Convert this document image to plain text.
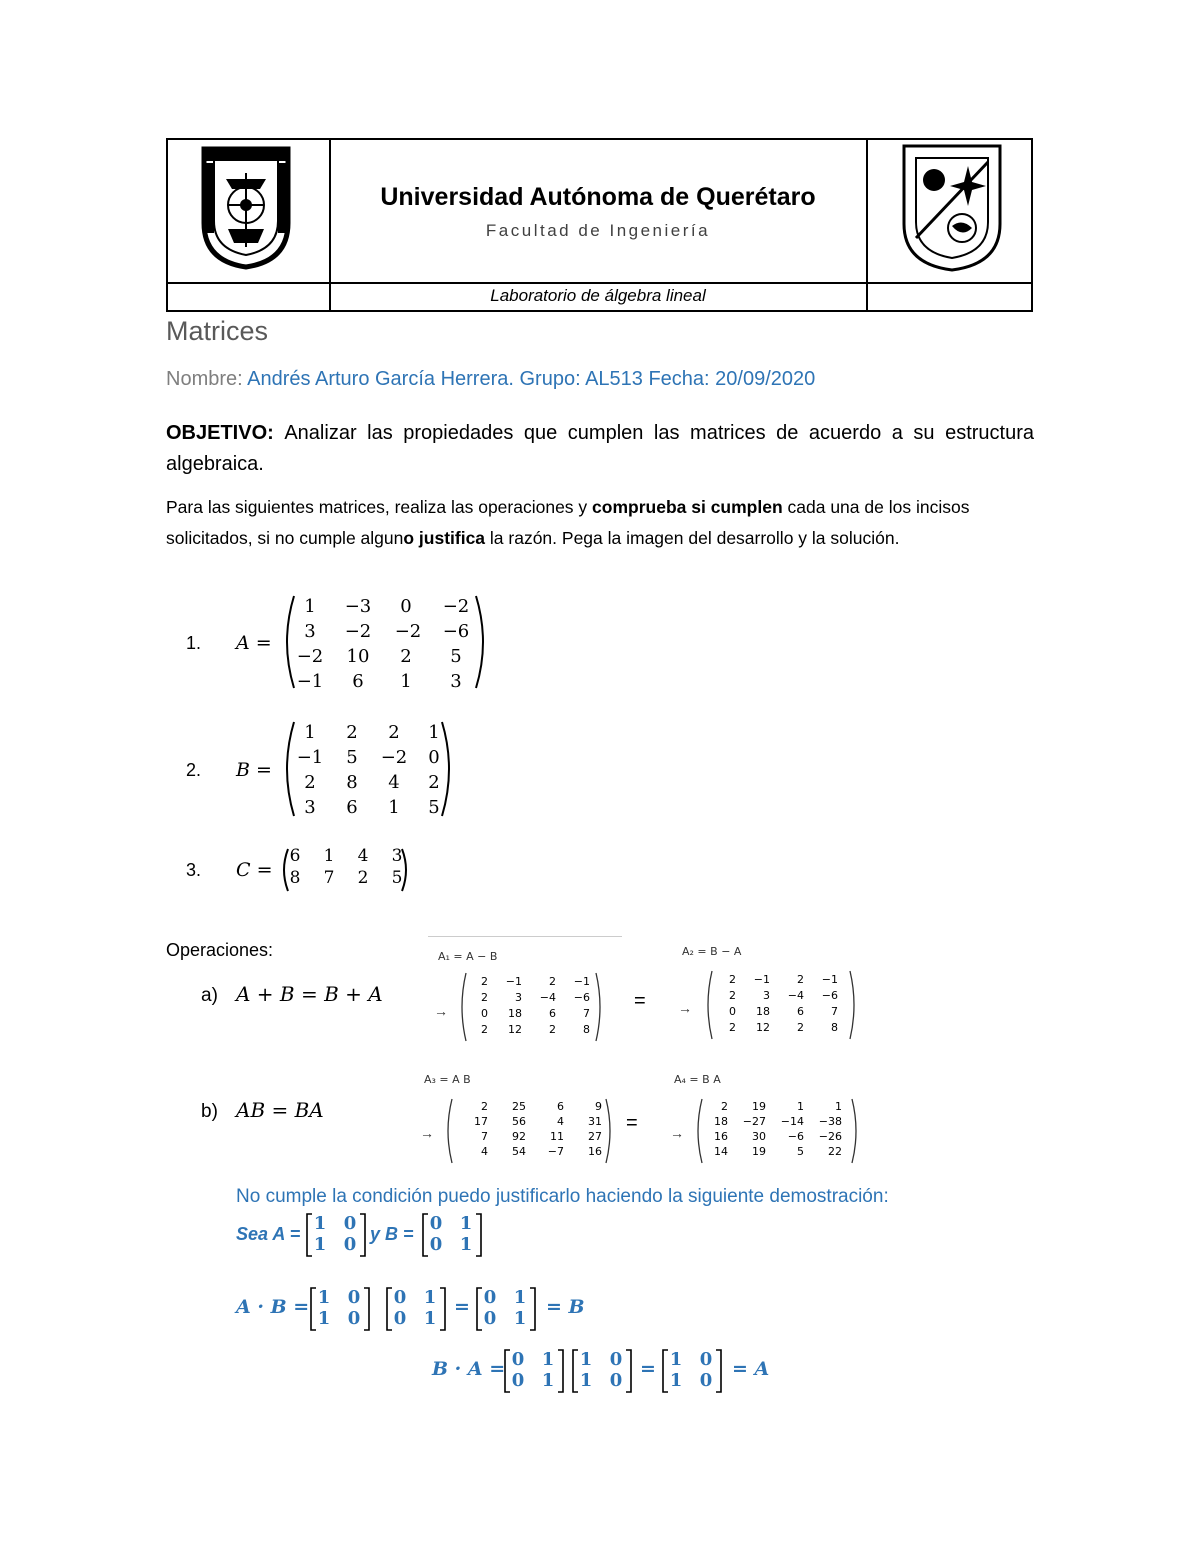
Universidad Autónoma de Querétaro
Facultad de Ingeniería
Laboratorio de álgebra lineal
Matrices
Nombre: Andrés Arturo García Herrera. Grupo: AL513 Fecha: 20/09/2020
OBJETIVO: Analizar las propiedades que cumplen las matrices de acuerdo a su estructura algebraica.
Para las siguientes matrices, realiza las operaciones y comprueba si cumplen cada una de los incisos solicitados, si no cumple alguno justifica la razón. Pega la imagen del desarrollo y la solución.
1. A =
1	−3	0	−2
3	−2 −2 −6
−2	10	2	5
−1	6	1	3
2. B =
1	2	2	1
−1	5	−2	0
2	8	4	2
3	6	1	5
3. C =
6	1	4	3
8	7	2	5
Operaciones:
a) A + B = B + A
b) AB = BA
A₁ = A − B	A₂ = B − A
A₃ = A B	A₄ = B A
→	= →
→	= →
2	−1	2	−1
2	3	−4	−6
0	18	6	7
2	12	2	8
2	−1	2	−1
2	3	−4	−6
0	18	6	7
2	12	2	8
2	25	6	9
17	56	4	31
7	92	11	27
4	54	−7	16
2	19	1	1
18	−27	−14	−38
16	30	−6	−26
14	19	5	22
No cumple la condición puedo justificarlo haciendo la siguiente demostración:
Sea A =	y B =
A · B =	=	= B
B · A =	=	= A
1 0
1 0
0 1
0 1
1 0
1 0
0 1
0 1
0 1
0 1
0 1
0 1
1 0
1 0
1 0
1 0
